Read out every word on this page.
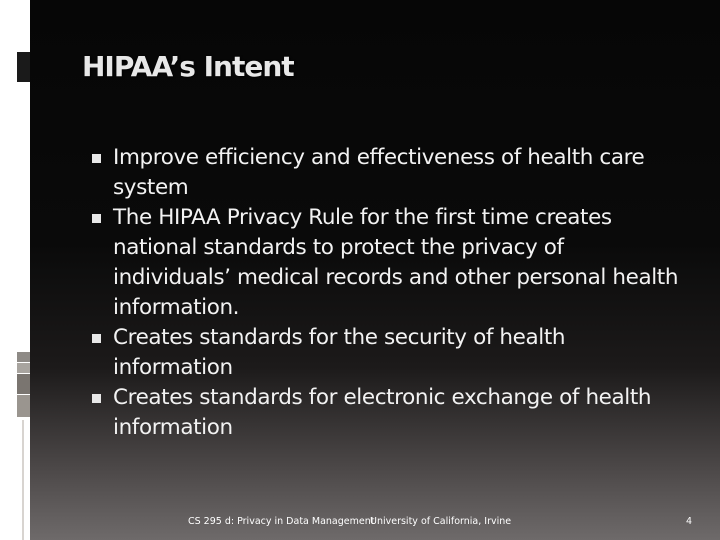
HIPAA’s Intent
Improve efficiency and effectiveness of health care system
The HIPAA Privacy Rule for the first time creates national standards to protect the privacy of individuals’ medical records and other personal health information.
Creates standards for the security of health information
Creates standards for electronic exchange of health information
CS 295 d: Privacy in Data Management
University of California, Irvine	4
